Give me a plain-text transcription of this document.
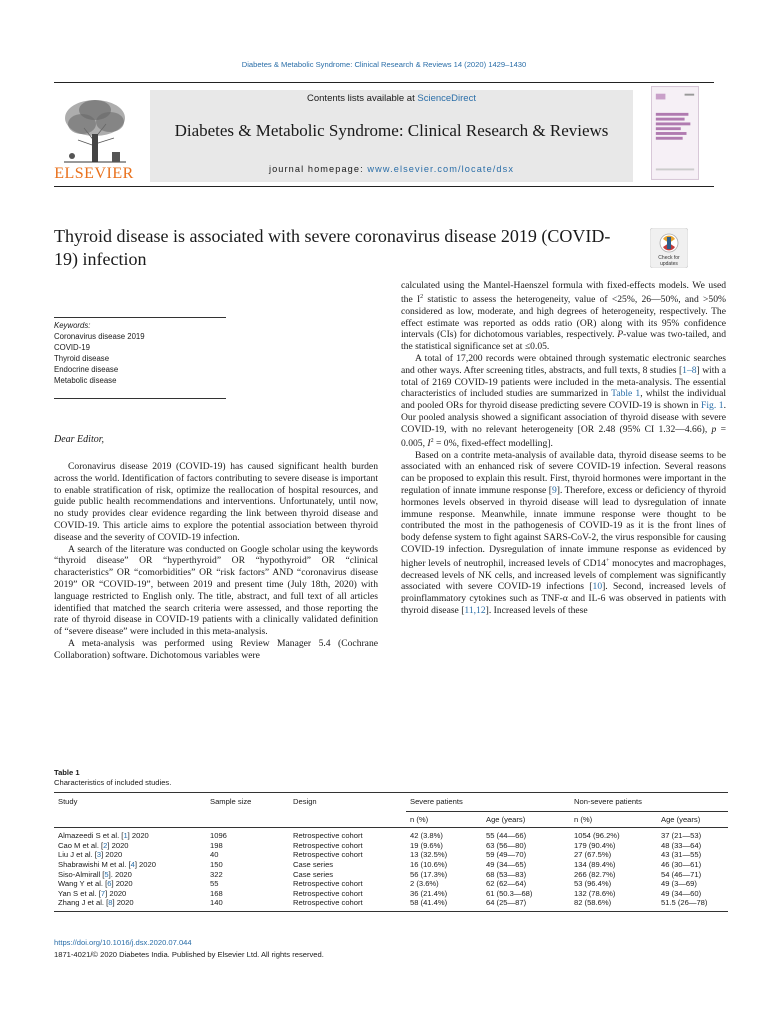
Diabetes & Metabolic Syndrome: Clinical Research & Reviews 14 (2020) 1429–1430
ELSEVIER
Contents lists available at ScienceDirect
Diabetes & Metabolic Syndrome: Clinical Research & Reviews
journal homepage: www.elsevier.com/locate/dsx
Thyroid disease is associated with severe coronavirus disease 2019 (COVID-19) infection	Check for updates
Keywords:
Coronavirus disease 2019
COVID-19
Thyroid disease
Endocrine disease
Metabolic disease
Dear Editor,

Coronavirus disease 2019 (COVID-19) has caused significant health burden across the world. Identification of factors contributing to severe disease is important to enable stratification of risk, optimize the reallocation of hospital resources, and guide public health recommendations and interventions. Unfortunately, until now, no study provides clear evidence regarding the link between thyroid disease and COVID-19. This article aims to explore the potential association between thyroid disease and the severity of COVID-19 infection.

A search of the literature was conducted on Google scholar using the keywords “thyroid disease” OR “hyperthyroid” OR “hypothyroid” OR “clinical characteristics” OR “comorbidities” OR “risk factors” AND “coronavirus disease 2019” OR “COVID-19”, between 2019 and present time (July 18th, 2020) with language restricted to English only. The title, abstract, and full text of all articles identified that matched the search criteria were assessed, and those reporting the rate of thyroid disease in COVID-19 patients with a clinically validated definition of “severe disease” were included in this meta-analysis.

A meta-analysis was performed using Review Manager 5.4 (Cochrane Collaboration) software. Dichotomous variables were

calculated using the Mantel-Haenszel formula with fixed-effects models. We used the $I^2$ statistic to assess the heterogeneity, value of <25%, 26—50%, and >50% considered as low, moderate, and high degrees of heterogeneity, respectively. The effect estimate was reported as odds ratio (OR) along with its 95% confidence intervals (CIs) for dichotomous variables, respectively. P-value was two-tailed, and the statistical significance set at ≤0.05.

A total of 17,200 records were obtained through systematic electronic searches and other ways. After screening titles, abstracts, and full texts, 8 studies [1–8] with a total of 2169 COVID-19 patients were included in the meta-analysis. The essential characteristics of included studies are summarized in Table 1, whilst the individual and pooled ORs for thyroid disease predicting severe COVID-19 is shown in Fig. 1. Our pooled analysis showed a significant association of thyroid disease with severe COVID-19, with no relevant heterogeneity [OR 2.48 (95% CI 1.32—4.66), p = 0.005, $I^2 = 0\%$, fixed-effect modelling].

Based on a contrite meta-analysis of available data, thyroid disease seems to be associated with an enhanced risk of severe COVID-19 infection. Several reasons can be proposed to explain this result. First, thyroid hormones were important in the regulation of innate immune response [9]. Therefore, excess or deficiency of thyroid hormones levels observed in thyroid disease will lead to dysregulation of innate immune response. Meanwhile, innate immune response were thought to be contributed the most in the pathogenesis of COVID-19 as it is the front lines of body defense system to fight against SARS-CoV-2, the virus responsible for causing COVID-19 infection. Dysregulation of innate immune response as evidenced by higher levels of neutrophil, increased levels of CD14+ monocytes and macrophages, decreased levels of NK cells, and increased levels of complement was significantly associated with severe COVID-19 infections [10]. Second, increased levels of proinflammatory cytokines such as TNF-α and IL-6 was observed in patients with thyroid disease [11,12]. Increased levels of these

Table 1
Characteristics of included studies.
Study	Sample size	Design	Severe patients		Non-severe patients	
			n (%)	Age (years)	n (%)	Age (years)
Almazeedi S et al. [1] 2020	1096	Retrospective cohort	42 (3.8%)	55 (44—66)	1054 (96.2%)	37 (21—53)
Cao M et al. [2] 2020	198	Retrospective cohort	19 (9.6%)	63 (56—80)	179 (90.4%)	48 (33—64)
Liu J et al. [3] 2020	40	Retrospective cohort	13 (32.5%)	59 (49—70)	27 (67.5%)	43 (31—55)
Shabrawishi M et al. [4] 2020	150	Case series	16 (10.6%)	49 (34—65)	134 (89.4%)	46 (30—61)
Siso-Almirall [5]. 2020	322	Case series	56 (17.3%)	68 (53—83)	266 (82.7%)	54 (46—71)
Wang Y et al. [6] 2020	55	Retrospective cohort	2 (3.6%)	62 (62—64)	53 (96.4%)	49 (3—69)
Yan S et al. [7] 2020	168	Retrospective cohort	36 (21.4%)	61 (50.3—68)	132 (78.6%)	49 (34—60)
Zhang J et al. [8] 2020	140	Retrospective cohort	58 (41.4%)	64 (25—87)	82 (58.6%)	51.5 (26—78)
https://doi.org/10.1016/j.dsx.2020.07.044
1871-4021/© 2020 Diabetes India. Published by Elsevier Ltd. All rights reserved.
